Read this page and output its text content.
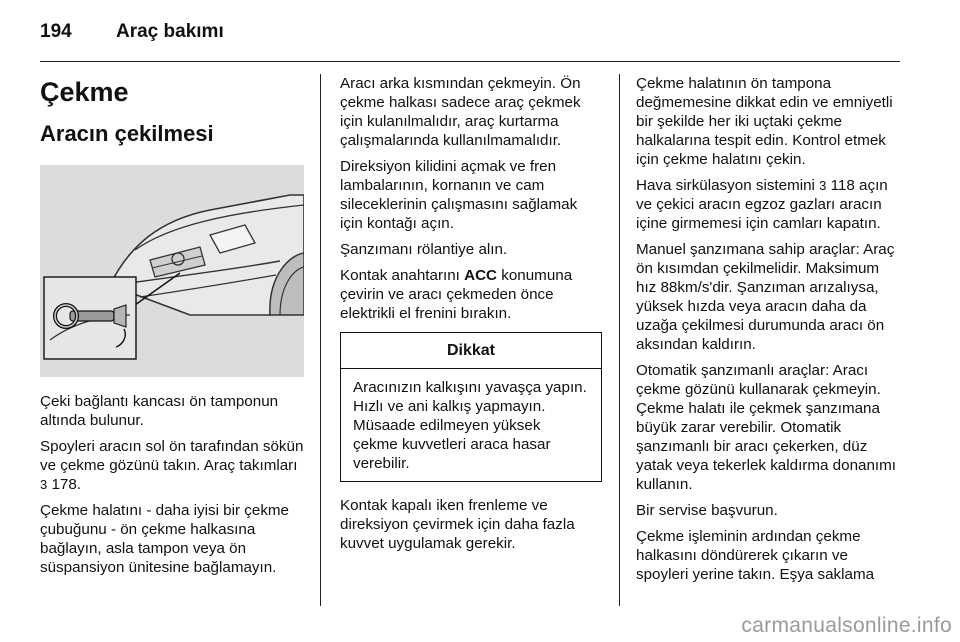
194 Araç bakımı
Çekme
Aracın çekilmesi

Çeki bağlantı kancası ön tamponun altında bulunur.

Spoyleri aracın sol ön tarafından sökün ve çekme gözünü takın. Araç takımları 3 178.

Çekme halatını - daha iyisi bir çekme çubuğunu - ön çekme halkasına bağlayın, asla tampon veya ön süspansiyon ünitesine bağlamayın.

Aracı arka kısmından çekmeyin. Ön çekme halkası sadece araç çekmek için kulanılmalıdır, araç kurtarma çalışmalarında kullanılmamalıdır.

Direksiyon kilidini açmak ve fren lambalarının, kornanın ve cam sileceklerinin çalışmasını sağlamak için kontağı açın.

Şanzımanı rölantiye alın.

Kontak anahtarını ACC konumuna çevirin ve aracı çekmeden önce elektrikli el frenini bırakın.

Dikkat
Aracınızın kalkışını yavaşça yapın. Hızlı ve ani kalkış yapmayın. Müsaade edilmeyen yüksek çekme kuvvetleri araca hasar verebilir.

Kontak kapalı iken frenleme ve direksiyon çevirmek için daha fazla kuvvet uygulamak gerekir.

Çekme halatının ön tampona değmemesine dikkat edin ve emniyetli bir şekilde her iki uçtaki çekme halkalarına tespit edin. Kontrol etmek için çekme halatını çekin.

Hava sirkülasyon sistemini 3 118 açın ve çekici aracın egzoz gazları aracın içine girmemesi için camları kapatın.

Manuel şanzımana sahip araçlar: Araç ön kısımdan çekilmelidir. Maksimum hız 88km/s'dir. Şanzıman arızalıysa, yüksek hızda veya aracın daha da uzağa çekilmesi durumunda aracı ön aksından kaldırın.

Otomatik şanzımanlı araçlar: Aracı çekme gözünü kullanarak çekmeyin. Çekme halatı ile çekmek şanzımana büyük zarar verebilir. Otomatik şanzımanlı bir aracı çekerken, düz yatak veya tekerlek kaldırma donanımı kullanın.

Bir servise başvurun.

Çekme işleminin ardından çekme halkasını döndürerek çıkarın ve spoyleri yerine takın. Eşya saklama

carmanualsonline.info
